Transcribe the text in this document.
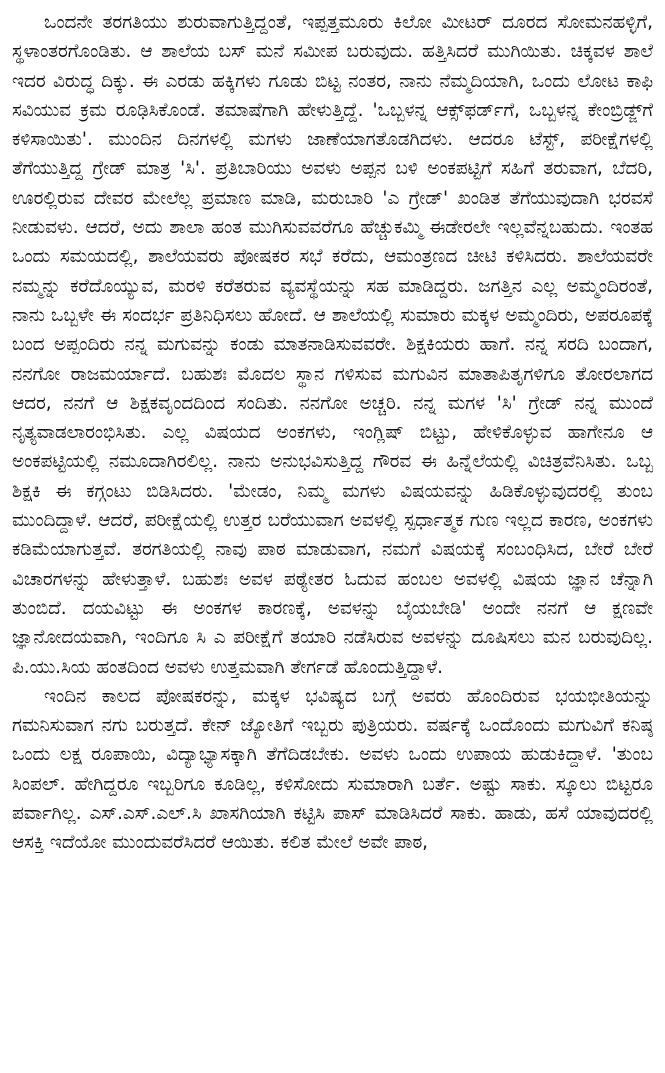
ಒಂದನೇ ತರಗತಿಯು ಶುರುವಾಗುತ್ತಿದ್ದಂತೆ, ಇಪ್ಪತ್ತಮೂರು ಕಿಲೋ ಮೀಟರ್ ದೂರದ ಸೋಮನಹಳ್ಳಿಗೆ, ಸ್ಥಳಾಂತರಗೊಂಡಿತು. ಆ ಶಾಲೆಯ ಬಸ್ ಮನೆ ಸಮೀಪ ಬರುವುದು. ಹತ್ತಿಸಿದರೆ ಮುಗಿಯಿತು. ಚಿಕ್ಕವಳ ಶಾಲೆ ಇದರ ವಿರುದ್ಧ ದಿಕ್ಕು. ಈ ಎರಡು ಹಕ್ಕಿಗಳು ಗೂಡು ಬಿಟ್ಟ ನಂತರ, ನಾನು ನೆಮ್ಮದಿಯಾಗಿ, ಒಂದು ಲೋಟ ಕಾಫಿ ಸವಿಯುವ ಕ್ರಮ ರೂಢಿಸಿಕೊಂಡೆ. ತಮಾಷೆಗಾಗಿ ಹೇಳುತ್ತಿದ್ದೆ. 'ಒಬ್ಬಳನ್ನ ಆಕ್ಸ್‌ಫರ್ಡ್‌ಗೆ, ಒಬ್ಬಳನ್ನ ಕೇಂಬ್ರಿಡ್ಜ್‌ಗೆ ಕಳಿಸಾಯಿತು'. ಮುಂದಿನ ದಿನಗಳಲ್ಲಿ ಮಗಳು ಜಾಣೆಯಾಗತೊಡಗಿದಳು. ಆದರೂ ಟೆಸ್ಟ್, ಪರೀಕ್ಷೆಗಳಲ್ಲಿ ತೆಗೆಯುತ್ತಿದ್ದ ಗ್ರೇಡ್ ಮಾತ್ರ 'ಸಿ'. ಪ್ರತಿಬಾರಿಯು ಅವಳು ಅಪ್ಪನ ಬಳಿ ಅಂಕಪಟ್ಟಿಗೆ ಸಹಿಗೆ ತರುವಾಗ, ಬೆದರಿ, ಊರಲ್ಲಿರುವ ದೇವರ ಮೇಲೆಲ್ಲ ಪ್ರಮಾಣ ಮಾಡಿ, ಮರುಬಾರಿ 'ಎ ಗ್ರೇಡ್' ಖಂಡಿತ ತೆಗೆಯುವುದಾಗಿ ಭರವಸೆ ನೀಡುವಳು. ಆದರೆ, ಅದು ಶಾಲಾ ಹಂತ ಮುಗಿಸುವವರೆಗೂ ಹೆಚ್ಚುಕಮ್ಮಿ ಈಡೇರಲೇ ಇಲ್ಲವೆನ್ನಬಹುದು. ಇಂತಹ ಒಂದು ಸಮಯದಲ್ಲಿ, ಶಾಲೆಯವರು ಪೋಷಕರ ಸಭೆ ಕರೆದು, ಆಮಂತ್ರಣದ ಚೀಟಿ ಕಳಿಸಿದರು. ಶಾಲೆಯವರೇ ನಮ್ಮನ್ನು ಕರೆದೊಯ್ಯುವ, ಮರಳಿ ಕರೆತರುವ ವ್ಯವಸ್ಥೆಯನ್ನು ಸಹ ಮಾಡಿದ್ದರು. ಜಗತ್ತಿನ ಎಲ್ಲ ಅಮ್ಮಂದಿರಂತೆ, ನಾನು ಒಬ್ಬಳೇ ಈ ಸಂದರ್ಭ ಪ್ರತಿನಿಧಿಸಲು ಹೋದೆ. ಆ ಶಾಲೆಯಲ್ಲಿ ಸುಮಾರು ಮಕ್ಕಳ ಅಮ್ಮಂದಿರು, ಅಪರೂಪಕ್ಕೆ ಬಂದ ಅಪ್ಪಂದಿರು ನನ್ನ ಮಗುವನ್ನು ಕಂಡು ಮಾತನಾಡಿಸುವವರೇ. ಶಿಕ್ಷಕಿಯರು ಹಾಗೆ. ನನ್ನ ಸರದಿ ಬಂದಾಗ, ನನಗೋ ರಾಜಮರ್ಯಾದೆ. ಬಹುಶಃ ಮೊದಲ ಸ್ಥಾನ ಗಳಿಸುವ ಮಗುವಿನ ಮಾತಾಪಿತೃಗಳಿಗೂ ತೋರಲಾಗದ ಆದರ, ನನಗೆ ಆ ಶಿಕ್ಷಕವೃಂದದಿಂದ ಸಂದಿತು. ನನಗೋ ಅಚ್ಚರಿ. ನನ್ನ ಮಗಳ 'ಸಿ' ಗ್ರೇಡ್ ನನ್ನ ಮುಂದೆ ನೃತ್ಯವಾಡಲಾರಂಭಿಸಿತು. ಎಲ್ಲ ವಿಷಯದ ಅಂಕಗಳು, ಇಂಗ್ಲಿಷ್ ಬಿಟ್ಟು, ಹೇಳಿಕೊಳ್ಳುವ ಹಾಗೇನೂ ಆ ಅಂಕಪಟ್ಟಿಯಲ್ಲಿ ನಮೂದಾಗಿರಲಿಲ್ಲ. ನಾನು ಅನುಭವಿಸುತ್ತಿದ್ದ ಗೌರವ ಈ ಹಿನ್ನೆಲೆಯಲ್ಲಿ ವಿಚಿತ್ರವೆನಿಸಿತು. ಒಬ್ಬ ಶಿಕ್ಷಕಿ ಈ ಕಗ್ಗಂಟು ಬಿಡಿಸಿದರು. 'ಮೇಡಂ, ನಿಮ್ಮ ಮಗಳು ವಿಷಯವನ್ನು ಹಿಡಿಕೊಳ್ಳುವುದರಲ್ಲಿ ತುಂಬ ಮುಂದಿದ್ದಾಳೆ. ಆದರೆ, ಪರೀಕ್ಷೆಯಲ್ಲಿ ಉತ್ತರ ಬರೆಯುವಾಗ ಅವಳಲ್ಲಿ ಸ್ಪರ್ಧಾತ್ಮಕ ಗುಣ ಇಲ್ಲದ ಕಾರಣ, ಅಂಕಗಳು ಕಡಿಮೆಯಾಗುತ್ತವೆ. ತರಗತಿಯಲ್ಲಿ ನಾವು ಪಾಠ ಮಾಡುವಾಗ, ನಮಗೆ ವಿಷಯಕ್ಕೆ ಸಂಬಂಧಿಸಿದ, ಬೇರೆ ಬೇರೆ ವಿಚಾರಗಳನ್ನು ಹೇಳುತ್ತಾಳೆ. ಬಹುಶಃ ಅವಳ ಪಠ್ಯೇತರ ಓದುವ ಹಂಬಲ ಅವಳಲ್ಲಿ ವಿಷಯ ಜ್ಞಾನ ಚೆನ್ನಾಗಿ ತುಂಬಿದೆ. ದಯವಿಟ್ಟು ಈ ಅಂಕಗಳ ಕಾರಣಕ್ಕೆ, ಅವಳನ್ನು ಬೈಯಬೇಡಿ' ಅಂದೇ ನನಗೆ ಆ ಕ್ಷಣವೇ ಜ್ಞಾನೋದಯವಾಗಿ, ಇಂದಿಗೂ ಸಿ ಎ ಪರೀಕ್ಷೆಗೆ ತಯಾರಿ ನಡೆಸಿರುವ ಅವಳನ್ನು ದೂಷಿಸಲು ಮನ ಬರುವುದಿಲ್ಲ. ಪಿ.ಯು.ಸಿಯ ಹಂತದಿಂದ ಅವಳು ಉತ್ತಮವಾಗಿ ತೇರ್ಗಡೆ ಹೊಂದುತ್ತಿದ್ದಾಳೆ.

ಇಂದಿನ ಕಾಲದ ಪೋಷಕರನ್ನು, ಮಕ್ಕಳ ಭವಿಷ್ಯದ ಬಗ್ಗೆ ಅವರು ಹೊಂದಿರುವ ಭಯಭೀತಿಯನ್ನು ಗಮನಿಸುವಾಗ ನಗು ಬರುತ್ತದೆ. ಕೇನ್ ಜ್ಯೋತಿಗೆ ಇಬ್ಬರು ಪುತ್ರಿಯರು. ವರ್ಷಕ್ಕೆ ಒಂದೊಂದು ಮಗುವಿಗೆ ಕನಿಷ್ಠ ಒಂದು ಲಕ್ಷ ರೂಪಾಯಿ, ವಿದ್ಯಾಭ್ಯಾಸಕ್ಕಾಗಿ ತೆಗೆದಿಡಬೇಕು. ಅವಳು ಒಂದು ಉಪಾಯ ಹುಡುಕಿದ್ದಾಳೆ. 'ತುಂಬ ಸಿಂಪಲ್. ಹೇಗಿದ್ದರೂ ಇಬ್ಬರಿಗೂ ಕೂಡಿಲ್ಲ, ಕಳಿಸೋದು ಸುಮಾರಾಗಿ ಬರ್ತೆ. ಅಷ್ಟು ಸಾಕು. ಸ್ಕೂಲು ಬಿಟ್ಟರೂ ಪರ್ವಾಗಿಲ್ಲ. ಎಸ್.ಎಸ್.ಎಲ್.ಸಿ ಖಾಸಗಿಯಾಗಿ ಕಟ್ಟಿಸಿ ಪಾಸ್ ಮಾಡಿಸಿದರೆ ಸಾಕು. ಹಾಡು, ಹಸೆ ಯಾವುದರಲ್ಲಿ ಆಸಕ್ತಿ ಇದೆಯೋ ಮುಂದುವರೆಸಿದರೆ ಆಯಿತು. ಕಲಿತ ಮೇಲೆ ಅವೇ ಪಾಠ,
